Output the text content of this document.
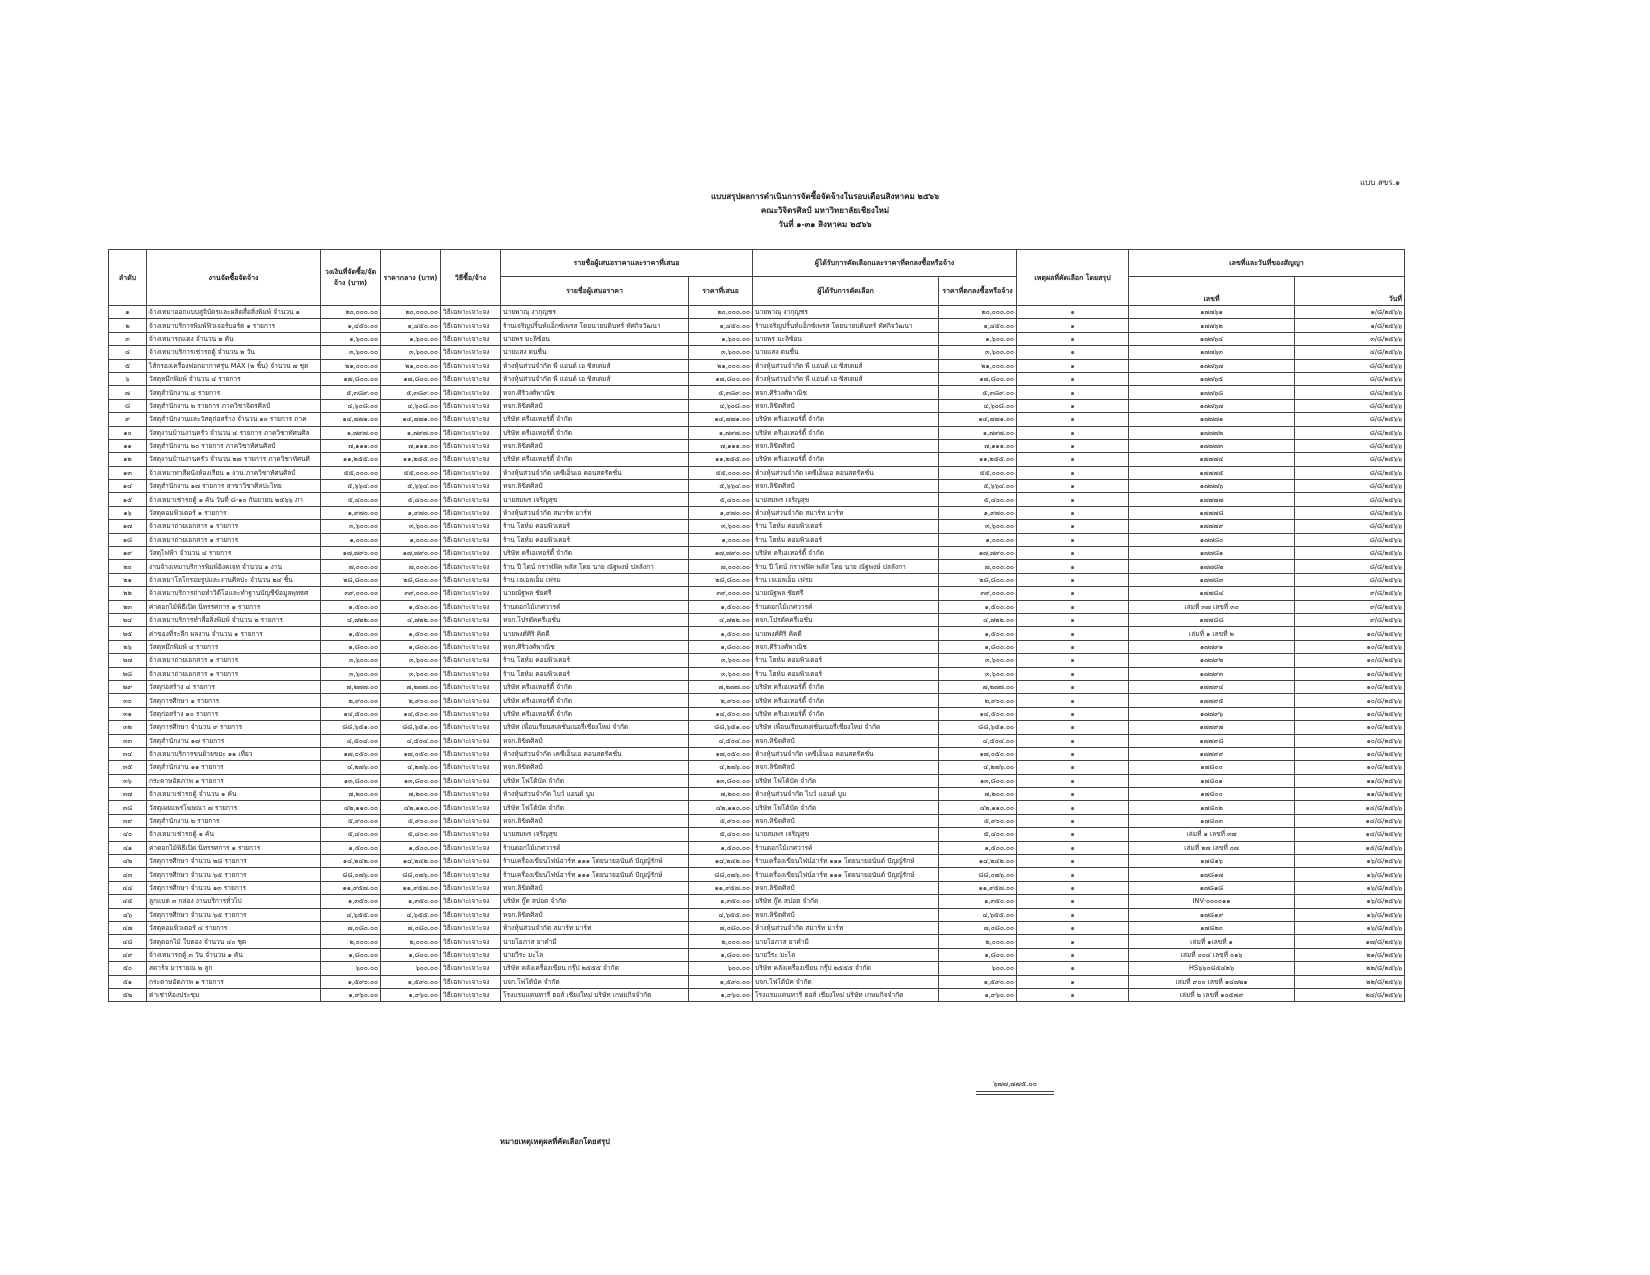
แบบ สขร.๑
แบบสรุปผลการดำเนินการจัดซื้อจัดจ้างในรอบเดือนสิงหาคม ๒๕๖๖
คณะวิจิตรศิลป์ มหาวิทยาลัยเชียงใหม่
วันที่ ๑-๓๑ สิงหาคม ๒๕๖๖
ลำดับ	งานจัดซื้อจัดจ้าง	วงเงินที่จัดซื้อ/จัดจ้าง (บาท)	ราคากลาง (บาท)	วิธีซื้อ/จ้าง	รายชื่อผู้เสนอราคาและราคาที่เสนอ		ผู้ได้รับการคัดเลือกและราคาที่ตกลงซื้อหรือจ้าง		เหตุผลที่คัดเลือก โดยสรุป	เลขที่และวันที่ของสัญญา	
					รายชื่อผู้เสนอราคา	ราคาที่เสนอ	ผู้ได้รับการคัดเลือก	ราคาที่ตกลงซื้อหรือจ้าง		เลขที่	วันที่
๑	จ้างเหมาออกแบบสูจิบัตรและผลิตสื่อสิ่งพิมพ์ จำนวน ๑	๒๐,๐๐๐.๐๐	๒๐,๐๐๐.๐๐	วิธีเฉพาะเจาะจง	นายพาณุ งากุญชร	๒๐,๐๐๐.๐๐	นายพาณุ งากุญชร	๒๐,๐๐๐.๐๐	๑	๑๗๗๖๑	๑/๘/๒๕๖๖
๒	จ้างเหมาบริการพิมพ์ฟิวเจอร์บอร์ด ๑ รายการ	๑,๔๕๐.๐๐	๑,๔๕๐.๐๐	วิธีเฉพาะเจาะจง	ร้านเจริญปริ้นท์แอ็กซ์เพรส โดยนายบดินทร์ ทัศกิจวัฒนา	๑,๔๕๐.๐๐	ร้านเจริญปริ้นท์แอ็กซ์เพรส โดยนายบดินทร์ ทัศกิจวัฒนา	๑,๔๕๐.๐๐	๑	๑๗๗๖๒	๑/๘/๒๕๖๖
๓	จ้างเหมารถแดง จำนวน ๒ คัน	๑,๖๐๐.๐๐	๑,๖๐๐.๐๐	วิธีเฉพาะเจาะจง	นายพร มะลิซ้อน	๑,๖๐๐.๐๐	นายพร มะลิซ้อน	๑,๖๐๐.๐๐	๑	๑๗๗๖๔	๓/๘/๒๕๖๖
๔	จ้างเหมาบริการเช่ารถตู้ จำนวน ๒ วัน	๓,๖๐๐.๐๐	๓,๖๐๐.๐๐	วิธีเฉพาะเจาะจง	นายแสง ตนชื่น	๓,๖๐๐.๐๐	นายแสง ตนชื่น	๓,๖๐๐.๐๐	๑	๑๗๗๖๓	๔/๘/๒๕๖๖
๕	ไส้กรองเครื่องฟอกอากาศรุ่น MAX (๒ ชิ้น) จำนวน ๗ ชุด	๒๑,๐๐๐.๐๐	๒๑,๐๐๐.๐๐	วิธีเฉพาะเจาะจง	ห้างหุ้นส่วนจำกัด พี แอนด์ เอ ซิสเตมส์	๒๑,๐๐๐.๐๐	ห้างหุ้นส่วนจำกัด พี แอนด์ เอ ซิสเตมส์	๒๑,๐๐๐.๐๐	๑	๑๗๗๖๗	๘/๘/๒๕๖๖
๖	วัสดุหมึกพิมพ์ จำนวน ๔ รายการ	๑๗,๘๐๐.๐๐	๑๗,๘๐๐.๐๐	วิธีเฉพาะเจาะจง	ห้างหุ้นส่วนจำกัด พี แอนด์ เอ ซิสเตมส์	๑๗,๘๐๐.๐๐	ห้างหุ้นส่วนจำกัด พี แอนด์ เอ ซิสเตมส์	๑๗,๘๐๐.๐๐	๑	๑๗๗๖๕	๘/๘/๒๕๖๖
๗	วัสดุสำนักงาน ๔ รายการ	๕,๓๘๙.๐๐	๕,๓๘๙.๐๐	วิธีเฉพาะเจาะจง	หจก.ศิริวงศ์พาณิช	๕,๓๘๙.๐๐	หจก.ศิริวงศ์พาณิช	๕,๓๘๙.๐๐	๑	๑๗๗๖๘	๘/๘/๒๕๖๖
๘	วัสดุสำนักงาน ๒ รายการ ภาควิชาจิตรศิลป์	๔,๖๐๘.๐๐	๔,๖๐๘.๐๐	วิธีเฉพาะเจาะจง	หจก.ลิขิตศิลป์	๔,๖๐๘.๐๐	หจก.ลิขิตศิลป์	๔,๖๐๘.๐๐	๑	๑๗๗๖๗	๘/๘/๒๕๖๖
๙	วัสดุสำนักงานและวัสดุก่อสร้าง จำนวน ๑๐ รายการ ภาค	๑๔,๗๗๑.๐๐	๑๔,๗๗๑.๐๐	วิธีเฉพาะเจาะจง	บริษัท ครีเอเทอร์ดี้ จำกัด	๑๔,๗๗๑.๐๐	บริษัท ครีเอเทอร์ดี้ จำกัด	๑๔,๗๗๑.๐๐	๑	๑๗๗๗๑	๘/๘/๒๕๖๖
๑๐	วัสดุงานบ้านงานครัว จำนวน ๔ รายการ ภาควิชาทัศนศิล	๑,๗๙๗.๐๐	๑,๗๙๗.๐๐	วิธีเฉพาะเจาะจง	บริษัท ครีเอเทอร์ดี้ จำกัด	๑,๗๙๗.๐๐	บริษัท ครีเอเทอร์ดี้ จำกัด	๑,๗๙๗.๐๐	๑	๑๗๗๗๒	๘/๘/๒๕๖๖
๑๑	วัสดุสำนักงาน ๒๐ รายการ ภาควิชาทัศนศิลป์	๗,๑๑๑.๐๐	๗,๑๑๑.๐๐	วิธีเฉพาะเจาะจง	หจก.ลิขิตศิลป์	๗,๑๑๑.๐๐	หจก.ลิขิตศิลป์	๗,๑๑๑.๐๐	๑	๑๗๗๗๓	๘/๘/๒๕๖๖
๑๒	วัสดุงานบ้านงานครัว จำนวน ๒๗ รายการ ภาควิชาทัศนศิ	๑๑,๒๕๕.๐๐	๑๑,๒๕๕.๐๐	วิธีเฉพาะเจาะจง	บริษัท ครีเอเทอร์ดี้ จำกัด	๑๑,๒๕๕.๐๐	บริษัท ครีเอเทอร์ดี้ จำกัด	๑๑,๒๕๕.๐๐	๑	๑๗๗๗๔	๘/๘/๒๕๖๖
๑๓	จ้างเหมาทาสีผนังห้องเรียน ๑ งาน ภาควิชาทัศนศิลป์	๕๕,๐๐๐.๐๐	๕๕,๐๐๐.๐๐	วิธีเฉพาะเจาะจง	ห้างหุ้นส่วนจำกัด เคซีเอ็นเอ คอนสตรัคชั่น	๕๕,๐๐๐.๐๐	ห้างหุ้นส่วนจำกัด เคซีเอ็นเอ คอนสตรัคชั่น	๕๕,๐๐๐.๐๐	๑	๑๗๗๗๕	๘/๘/๒๕๖๖
๑๔	วัสดุสำนักงาน ๑๗ รายการ สาขาวิชาศิลปะไทย	๕,๖๖๔.๐๐	๕,๖๖๔.๐๐	วิธีเฉพาะเจาะจง	หจก.ลิขิตศิลป์	๕,๖๖๔.๐๐	หจก.ลิขิตศิลป์	๕,๖๖๔.๐๐	๑	๑๗๗๗๖	๘/๘/๒๕๖๖
๑๕	จ้างเหมาเช่ารถตู้ ๑ คัน วันที่ ๘-๑๐ กันยายน ๒๕๖๖ ภา	๕,๔๐๐.๐๐	๕,๔๐๐.๐๐	วิธีเฉพาะเจาะจง	นายสมพร เจริญสุข	๕,๔๐๐.๐๐	นายสมพร เจริญสุข	๕,๔๐๐.๐๐	๑	๑๗๗๗๗	๘/๘/๒๕๖๖
๑๖	วัสดุคอมพิวเตอร์ ๑ รายการ	๑,๙๗๐.๐๐	๑,๙๗๐.๐๐	วิธีเฉพาะเจาะจง	ห้างหุ้นส่วนจำกัด สมาร์ท มาร์ท	๑,๙๗๐.๐๐	ห้างหุ้นส่วนจำกัด สมาร์ท มาร์ท	๑,๙๗๐.๐๐	๑	๑๗๗๗๘	๘/๘/๒๕๖๖
๑๗	จ้างเหมาถ่ายเอกสาร ๑ รายการ	๓,๖๐๐.๐๐	๓,๖๐๐.๐๐	วิธีเฉพาะเจาะจง	ร้าน โฮห์ม คอมพิวเตอร์	๓,๖๐๐.๐๐	ร้าน โฮห์ม คอมพิวเตอร์	๓,๖๐๐.๐๐	๑	๑๗๗๗๙	๘/๘/๒๕๖๖
๑๘	จ้างเหมาถ่ายเอกสาร ๑ รายการ	๑,๐๐๐.๐๐	๑,๐๐๐.๐๐	วิธีเฉพาะเจาะจง	ร้าน โฮห์ม คอมพิวเตอร์	๑,๐๐๐.๐๐	ร้าน โฮห์ม คอมพิวเตอร์	๑,๐๐๐.๐๐	๑	๑๗๗๘๐	๘/๘/๒๕๖๖
๑๙	วัสดุไฟฟ้า จำนวน ๔ รายการ	๑๗,๗๙๐.๐๐	๑๗,๗๙๐.๐๐	วิธีเฉพาะเจาะจง	บริษัท ครีเอเทอร์ดี้ จำกัด	๑๗,๗๙๐.๐๐	บริษัท ครีเอเทอร์ดี้ จำกัด	๑๗,๗๙๐.๐๐	๑	๑๗๗๘๑	๘/๘/๒๕๖๖
๒๐	งานจ้างเหมาบริการพิมพ์อิงคเจท จำนวน ๑ งาน	๗,๐๐๐.๐๐	๗,๐๐๐.๐๐	วิธีเฉพาะเจาะจง	ร้าน ปี ไดน์ กราฟฟิค พลัส โดย นาย ณัฐพงษ์ ปลลังกา	๗,๐๐๐.๐๐	ร้าน ปี ไดน์ กราฟฟิค พลัส โดย นาย ณัฐพงษ์ ปลลังกา	๗,๐๐๐.๐๐	๑	๑๗๗๘๒	๘/๘/๒๕๖๖
๒๑	จ้างเหมาโลโกรอยรูปและงานศิลปะ จำนวน ๒๔ ชิ้น	๒๘,๘๐๐.๐๐	๒๘,๘๐๐.๐๐	วิธีเฉพาะเจาะจง	ร้าน เจเอลเอ็ม เฟรม	๒๘,๘๐๐.๐๐	ร้าน เจเอลเอ็ม เฟรม	๒๘,๘๐๐.๐๐	๑	๑๗๗๘๓	๘/๘/๒๕๖๖
๒๒	จ้างเหมาบริการถ่ายทำวิดีโอและทำฐานบัญชีข้อมูลพุทธศ	๓๙,๐๐๐.๐๐	๓๙,๐๐๐.๐๐	วิธีเฉพาะเจาะจง	นายณัฐพล ชัยศรี	๓๙,๐๐๐.๐๐	นายณัฐพล ชัยศรี	๓๙,๐๐๐.๐๐	๑	๑๗๗๘๔	๙/๘/๒๕๖๖
๒๓	ค่าดอกไม้พิธีเปิด นิทรรศการ ๑ รายการ	๑,๕๐๐.๐๐	๑,๕๐๐.๐๐	วิธีเฉพาะเจาะจง	ร้านดอกไม้เกศวารค์	๑,๕๐๐.๐๐	ร้านดอกไม้เกศวารค์	๑,๕๐๐.๐๐	๑	เล่มที่ ๓๗ เลขที่ ๓๐	๙/๘/๒๕๖๖
๒๔	จ้างเหมาบริการทำสื่อสิ่งพิมพ์ จำนวน ๒ รายการ	๔,๗๒๒.๐๐	๔,๗๒๒.๐๐	วิธีเฉพาะเจาะจง	หจก.โปรดัคครีเอชั่น	๔,๗๒๒.๐๐	หจก.โปรดัคครีเอชั่น	๔,๗๒๒.๐๐	๑	๑๗๗๘๘	๙/๘/๒๕๖๖
๒๕	ค่าของที่ระลึก ผลงาน จำนวน ๑ รายการ	๑,๕๐๐.๐๐	๑,๕๐๐.๐๐	วิธีเฉพาะเจาะจง	นายพงศ์ศิริ คิดดี	๑,๕๐๐.๐๐	นายพงศ์ศิริ คิดดี	๑,๕๐๐.๐๐	๑	เล่มที่ ๑ เลขที่ ๒	๑๐/๘/๒๕๖๖
๒๖	วัสดุหมึกพิมพ์ ๔ รายการ	๑,๘๐๐.๐๐	๑,๘๐๐.๐๐	วิธีเฉพาะเจาะจง	หจก.ศิริวงศ์พาณิช	๑,๘๐๐.๐๐	หจก.ศิริวงศ์พาณิช	๑,๘๐๐.๐๐	๑	๑๗๗๙๑	๑๐/๘/๒๕๖๖
๒๗	จ้างเหมาถ่ายเอกสาร ๑ รายการ	๓,๖๐๐.๐๐	๓,๖๐๐.๐๐	วิธีเฉพาะเจาะจง	ร้าน โฮห์ม คอมพิวเตอร์	๓,๖๐๐.๐๐	ร้าน โฮห์ม คอมพิวเตอร์	๓,๖๐๐.๐๐	๑	๑๗๗๙๒	๑๐/๘/๒๕๖๖
๒๘	จ้างเหมาถ่ายเอกสาร ๑ รายการ	๓,๖๐๐.๐๐	๓,๖๐๐.๐๐	วิธีเฉพาะเจาะจง	ร้าน โฮห์ม คอมพิวเตอร์	๓,๖๐๐.๐๐	ร้าน โฮห์ม คอมพิวเตอร์	๓,๖๐๐.๐๐	๑	๑๗๗๙๓	๑๐/๘/๒๕๖๖
๒๙	วัสดุก่อสร้าง ๔ รายการ	๗,๒๗๗.๐๐	๗,๒๗๗.๐๐	วิธีเฉพาะเจาะจง	บริษัท ครีเอเทอร์ดี้ จำกัด	๗,๒๗๗.๐๐	บริษัท ครีเอเทอร์ดี้ จำกัด	๗,๒๗๗.๐๐	๑	๑๗๗๙๔	๑๐/๘/๒๕๖๖
๓๐	วัสดุการศึกษา ๑ รายการ	๒,๙๐๐.๐๐	๒,๙๐๐.๐๐	วิธีเฉพาะเจาะจง	บริษัท ครีเอเทอร์ดี้ จำกัด	๒,๙๐๐.๐๐	บริษัท ครีเอเทอร์ดี้ จำกัด	๒,๙๐๐.๐๐	๑	๑๗๗๙๕	๑๐/๘/๒๕๖๖
๓๑	วัสดุก่อสร้าง ๑๐ รายการ	๑๔,๕๐๐.๐๐	๑๔,๕๐๐.๐๐	วิธีเฉพาะเจาะจง	บริษัท ครีเอเทอร์ดี้ จำกัด	๑๔,๕๐๐.๐๐	บริษัท ครีเอเทอร์ดี้ จำกัด	๑๔,๕๐๐.๐๐	๑	๑๗๗๙๖	๑๐/๘/๒๕๖๖
๓๒	วัสดุการศึกษา จำนวน ๙ รายการ	๘๘,๖๕๑.๐๐	๘๘,๖๕๑.๐๐	วิธีเฉพาะเจาะจง	บริษัท เพื่อนเรียนสเตชั่นเนอรี่เชียงใหม่ จำกัด	๘๘,๖๕๑.๐๐	บริษัท เพื่อนเรียนสเตชั่นเนอรี่เชียงใหม่ จำกัด	๘๘,๖๕๑.๐๐	๑	๑๗๗๙๗	๑๐/๘/๒๕๖๖
๓๓	วัสดุสำนักงาน ๑๗ รายการ	๔,๕๐๔.๐๐	๔,๕๐๔.๐๐	วิธีเฉพาะเจาะจง	หจก.ลิขิตศิลป์	๔,๕๐๔.๐๐	หจก.ลิขิตศิลป์	๔,๕๐๔.๐๐	๑	๑๗๗๙๘	๑๐/๘/๒๕๖๖
๓๔	จ้างเหมาบริการขนย้ายขยะ ๑๑ เที่ยว	๑๗,๐๕๐.๐๐	๑๗,๐๕๐.๐๐	วิธีเฉพาะเจาะจง	ห้างหุ้นส่วนจำกัด เคซีเอ็นเอ คอนสตรัคชั่น	๑๗,๐๕๐.๐๐	ห้างหุ้นส่วนจำกัด เคซีเอ็นเอ คอนสตรัคชั่น	๑๗,๐๕๐.๐๐	๑	๑๗๗๙๙	๑๐/๘/๒๕๖๖
๓๕	วัสดุสำนักงาน ๑๑ รายการ	๔,๒๗๖.๐๐	๔,๒๗๖.๐๐	วิธีเฉพาะเจาะจง	หจก.ลิขิตศิลป์	๔,๒๗๖.๐๐	หจก.ลิขิตศิลป์	๔,๒๗๖.๐๐	๑	๑๗๘๐๐	๑๐/๘/๒๕๖๖
๓๖	กระดาษอัดภาพ ๑ รายการ	๑๓,๘๐๐.๐๐	๑๓,๘๐๐.๐๐	วิธีเฉพาะเจาะจง	บริษัท โฟโต้บัค จำกัด	๑๓,๘๐๐.๐๐	บริษัท โฟโต้บัค จำกัด	๑๓,๘๐๐.๐๐	๑	๑๗๘๐๑	๑๑/๘/๒๕๖๖
๓๗	จ้างเหมาเช่ารถตู้ จำนวน ๑ คัน	๗,๒๐๐.๐๐	๗,๒๐๐.๐๐	วิธีเฉพาะเจาะจง	ห้างหุ้นส่วนจำกัด ไบว์ แอนด์ บูม	๗,๒๐๐.๐๐	ห้างหุ้นส่วนจำกัด ไบว์ แอนด์ บูม	๗,๒๐๐.๐๐	๑	๑๗๘๐๐	๑๑/๘/๒๕๖๖
๓๘	วัสดุเผยแพร่โฆษณา ๗ รายการ	๔๒,๑๑๐.๐๐	๔๒,๑๑๐.๐๐	วิธีเฉพาะเจาะจง	บริษัท โฟโต้บัค จำกัด	๔๒,๑๑๐.๐๐	บริษัท โฟโต้บัค จำกัด	๔๒,๑๑๐.๐๐	๑	๑๗๘๐๒	๑๔/๘/๒๕๖๖
๓๙	วัสดุสำนักงาน ๒ รายการ	๕,๙๐๐.๐๐	๕,๙๐๐.๐๐	วิธีเฉพาะเจาะจง	หจก.ลิขิตศิลป์	๕,๙๐๐.๐๐	หจก.ลิขิตศิลป์	๕,๙๐๐.๐๐	๑	๑๗๘๐๓	๑๔/๘/๒๕๖๖
๔๐	จ้างเหมาเช่ารถตู้ ๑ คัน	๕,๔๐๐.๐๐	๕,๔๐๐.๐๐	วิธีเฉพาะเจาะจง	นายสมพร เจริญสุข	๕,๔๐๐.๐๐	นายสมพร เจริญสุข	๕,๔๐๐.๐๐	๑	เล่มที่ ๑ เลขที่ ๓๗	๑๔/๘/๒๕๖๖
๔๑	ค่าดอกไม้พิธีเปิด นิทรรศการ ๑ รายการ	๑,๕๐๐.๐๐	๑,๕๐๐.๐๐	วิธีเฉพาะเจาะจง	ร้านดอกไม้เกศวารค์	๑,๕๐๐.๐๐	ร้านดอกไม้เกศวารค์	๑,๕๐๐.๐๐	๑	เล่มที่ ๒๗ เลขที่ ๐๗	๑๕/๘/๒๕๖๖
๔๒	วัสดุการศึกษา จำนวน ๒๘ รายการ	๑๔,๒๔๒.๐๐	๑๔,๒๔๒.๐๐	วิธีเฉพาะเจาะจง	ร้านเครื่องเขียนไฟน์อาร์ท ๑๑๑ โดยนายอนันต์ ปัญญ์รักษ์	๑๔,๒๔๒.๐๐	ร้านเครื่องเขียนไฟน์อาร์ท ๑๑๑ โดยนายอนันต์ ปัญญ์รักษ์	๑๔,๒๔๒.๐๐	๑	๑๗๘๑๖	๑๖/๘/๒๕๖๖
๔๓	วัสดุการศึกษา จำนวน ๖๕ รายการ	๘๘,๐๗๖.๐๐	๘๘,๐๗๖.๐๐	วิธีเฉพาะเจาะจง	ร้านเครื่องเขียนไฟน์อาร์ท ๑๑๑ โดยนายอนันต์ ปัญญ์รักษ์	๘๘,๐๗๖.๐๐	ร้านเครื่องเขียนไฟน์อาร์ท ๑๑๑ โดยนายอนันต์ ปัญญ์รักษ์	๘๘,๐๗๖.๐๐	๑	๑๗๘๑๗	๑๖/๘/๒๕๖๖
๔๔	วัสดุการศึกษา จำนวน ๑๓ รายการ	๑๑,๙๕๗.๐๐	๑๑,๙๕๗.๐๐	วิธีเฉพาะเจาะจง	หจก.ลิขิตศิลป์	๑๑,๙๕๗.๐๐	หจก.ลิขิตศิลป์	๑๑,๙๕๗.๐๐	๑	๑๗๘๑๘	๑๖/๘/๒๕๖๖
๔๕	ลูกแบต ๓ กล่อง งานบริการทั่วไป	๑,๓๕๐.๐๐	๑,๓๕๐.๐๐	วิธีเฉพาะเจาะจง	บริษัท กู๊ด สปอต จำกัด	๑,๓๕๐.๐๐	บริษัท กู๊ด สปอต จำกัด	๑,๓๕๐.๐๐	๑	INV-๐๐๐๐๑๑	๑๖/๘/๒๕๖๖
๔๖	วัสดุการศึกษา จำนวน ๖๕ รายการ	๔,๖๕๕.๐๐	๔,๖๕๕.๐๐	วิธีเฉพาะเจาะจง	หจก.ลิขิตศิลป์	๔,๖๕๕.๐๐	หจก.ลิขิตศิลป์	๔,๖๕๕.๐๐	๑	๑๗๘๑๙	๑๖/๘/๒๕๖๖
๔๗	วัสดุคอมพิวเตอร์ ๔ รายการ	๗,๐๘๐.๐๐	๗,๐๘๐.๐๐	วิธีเฉพาะเจาะจง	ห้างหุ้นส่วนจำกัด สมาร์ท มาร์ท	๗,๐๘๐.๐๐	ห้างหุ้นส่วนจำกัด สมาร์ท มาร์ท	๗,๐๘๐.๐๐	๑	๑๗๘๒๐	๑๖/๘/๒๕๖๖
๔๘	วัสดุดอกไม้ ใบตอง จำนวน ๔๐ ชุด	๒,๐๐๐.๐๐	๒,๐๐๐.๐๐	วิธีเฉพาะเจาะจง	นายโอภาส ยาคำมี	๒,๐๐๐.๐๐	นายโอภาส ยาคำมี	๒,๐๐๐.๐๐	๑	เล่มที่ ๑เลขที่ ๑	๑๗/๘/๒๕๖๖
๔๙	จ้างเหมารถตู้ ๓ วัน จำนวน ๑ คัน	๑,๘๐๐.๐๐	๑,๘๐๐.๐๐	วิธีเฉพาะเจาะจง	นายวีระ มะไล	๑,๘๐๐.๐๐	นายวีระ มะไล	๑,๘๐๐.๐๐	๑	เล่มที่ ๐๐๔ เลขที่ ๐๑๖	๒๑/๘/๒๕๖๖
๕๐	สดาร์จ มารายณ ๒ ลูก	๖๐๐.๐๐	๖๐๐.๐๐	วิธีเฉพาะเจาะจง	บริษัท คลังเครื่องเขียน กรุ๊ป ๒๕๕๕ จำกัด	๖๐๐.๐๐	บริษัท คลังเครื่องเขียน กรุ๊ป ๒๕๕๕ จำกัด	๖๐๐.๐๐	๑	HS๖๖๐๘๕๔๒๖	๒๒/๘/๒๕๖๖
๕๑	กระดาษอัดภาพ ๑ รายการ	๑,๕๙๐.๐๐	๑,๕๙๐.๐๐	วิธีเฉพาะเจาะจง	บจก.โฟโต้บัค จำกัด	๑,๕๙๐.๐๐	บจก.โฟโต้บัค จำกัด	๑,๕๙๐.๐๐	๑	เล่มที่ ๙๐๐ เลขที่ ๑๔๗๒๑	๒๒/๘/๒๕๖๖
๕๒	ค่าเช่าห้องประชุม	๑,๙๖๐.๐๐	๑,๙๖๐.๐๐	วิธีเฉพาะเจาะจง	โรงแรมแคนทารี ฮอส์ เชียงใหม่ บริษัท เกษมกิจจำกัด	๑,๙๖๐.๐๐	โรงแรมแคนทารี ฮอส์ เชียงใหม่ บริษัท เกษมกิจจำกัด	๑,๙๖๐.๐๐	๑	เล่มที่ ๒ เลขที่ ๑๐๕๗๙	๒๔/๘/๒๕๖๖
๖๗๗,๗๗๕.๐๐
หมายเหตุเหตุผลที่คัดเลือกโดยสรุป
